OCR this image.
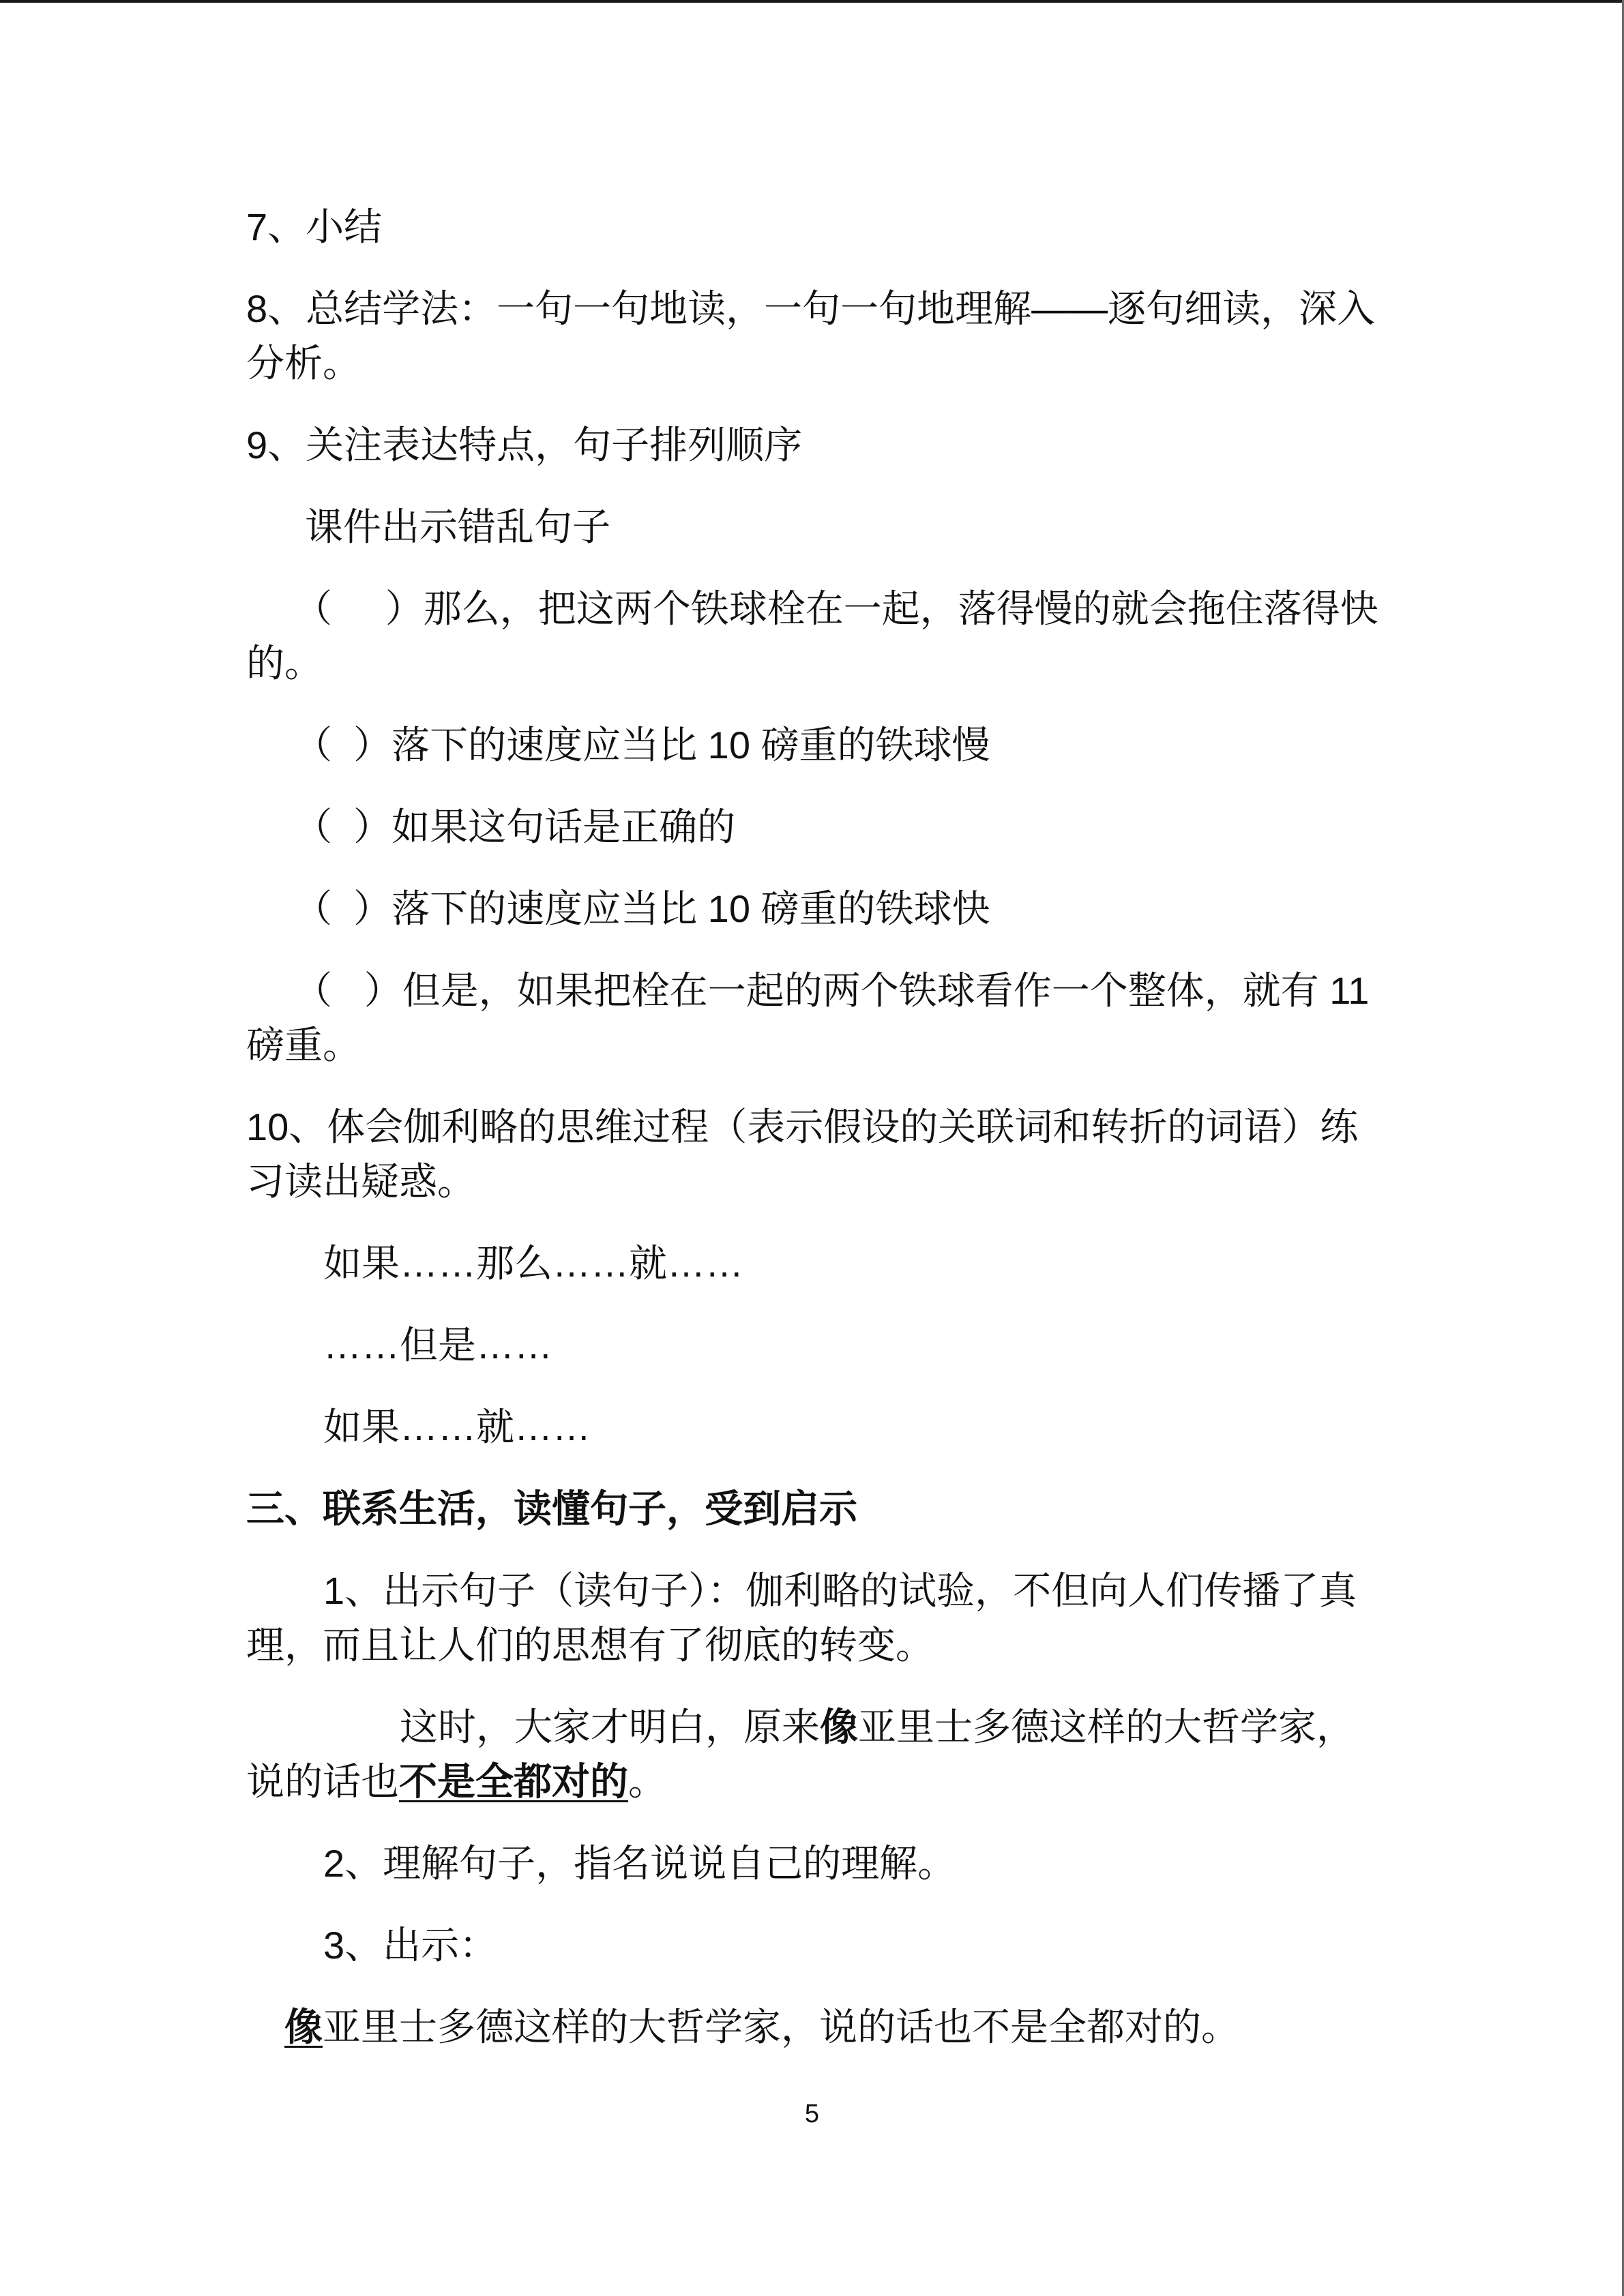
7、小结
8、总结学法：一句一句地读，一句一句地理解——逐句细读，深入
分析。
9、关注表达特点，句子排列顺序
课件出示错乱句子
（     ）那么，把这两个铁球栓在一起，落得慢的就会拖住落得快
的。
（  ）落下的速度应当比 10 磅重的铁球慢
（  ）如果这句话是正确的
（  ）落下的速度应当比 10 磅重的铁球快
（   ）但是，如果把栓在一起的两个铁球看作一个整体，就有 11
磅重。
10、体会伽利略的思维过程（表示假设的关联词和转折的词语）练
习读出疑惑。
如果……那么……就……
……但是……
如果……就……
三、联系生活，读懂句子，受到启示
1、出示句子（读句子）：伽利略的试验，不但向人们传播了真
理，而且让人们的思想有了彻底的转变。
这时，大家才明白，原来像亚里士多德这样的大哲学家，
说的话也不是全都对的。
2、理解句子，指名说说自己的理解。
3、出示：
像亚里士多德这样的大哲学家，说的话也不是全都对的。
5
